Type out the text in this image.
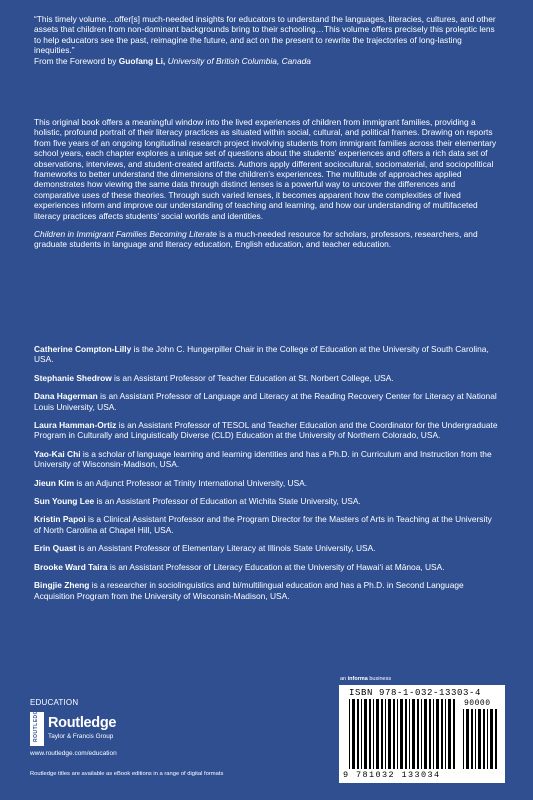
“This timely volume…offer[s] much-needed insights for educators to understand the languages, literacies, cultures, and other assets that children from non-dominant backgrounds bring to their schooling…This volume offers precisely this proleptic lens to help educators see the past, reimagine the future, and act on the present to rewrite the trajectories of long-lasting inequities.”
From the Foreword by Guofang Li, University of British Columbia, Canada

This original book offers a meaningful window into the lived experiences of children from immigrant families, providing a holistic, profound portrait of their literacy practices as situated within social, cultural, and political frames. Drawing on reports from five years of an ongoing longitudinal research project involving students from immigrant families across their elementary school years, each chapter explores a unique set of questions about the students’ experiences and offers a rich data set of observations, interviews, and student-created artifacts. Authors apply different sociocultural, sociomaterial, and sociopolitical frameworks to better understand the dimensions of the children’s experiences. The multitude of approaches applied demonstrates how viewing the same data through distinct lenses is a powerful way to uncover the differences and comparative uses of these theories. Through such varied lenses, it becomes apparent how the complexities of lived experiences inform and improve our understanding of teaching and learning, and how our understanding of multifaceted literacy practices affects students’ social worlds and identities.

Children in Immigrant Families Becoming Literate is a much-needed resource for scholars, professors, researchers, and graduate students in language and literacy education, English education, and teacher education.

Catherine Compton-Lilly is the John C. Hungerpiller Chair in the College of Education at the University of South Carolina, USA.
Stephanie Shedrow is an Assistant Professor of Teacher Education at St. Norbert College, USA.
Dana Hagerman is an Assistant Professor of Language and Literacy at the Reading Recovery Center for Literacy at National Louis University, USA.
Laura Hamman-Ortiz is an Assistant Professor of TESOL and Teacher Education and the Coordinator for the Undergraduate Program in Culturally and Linguistically Diverse (CLD) Education at the University of Northern Colorado, USA.
Yao-Kai Chi is a scholar of language learning and learning identities and has a Ph.D. in Curriculum and Instruction from the University of Wisconsin-Madison, USA.
Jieun Kim is an Adjunct Professor at Trinity International University, USA.
Sun Young Lee is an Assistant Professor of Education at Wichita State University, USA.
Kristin Papoi is a Clinical Assistant Professor and the Program Director for the Masters of Arts in Teaching at the University of North Carolina at Chapel Hill, USA.
Erin Quast is an Assistant Professor of Elementary Literacy at Illinois State University, USA.
Brooke Ward Taira is an Assistant Professor of Literacy Education at the University of Hawaiʻi at Mānoa, USA.
Bingjie Zheng is a researcher in sociolinguistics and bi/multilingual education and has a Ph.D. in Second Language Acquisition Program from the University of Wisconsin-Madison, USA.
an informa business
EDUCATION
ROUTLEDGE Routledge
Taylor & Francis Group
www.routledge.com/education
Routledge titles are available as eBook editions in a range of digital formats
ISBN 978-1-032-13303-4
90000
9 781032 133034
